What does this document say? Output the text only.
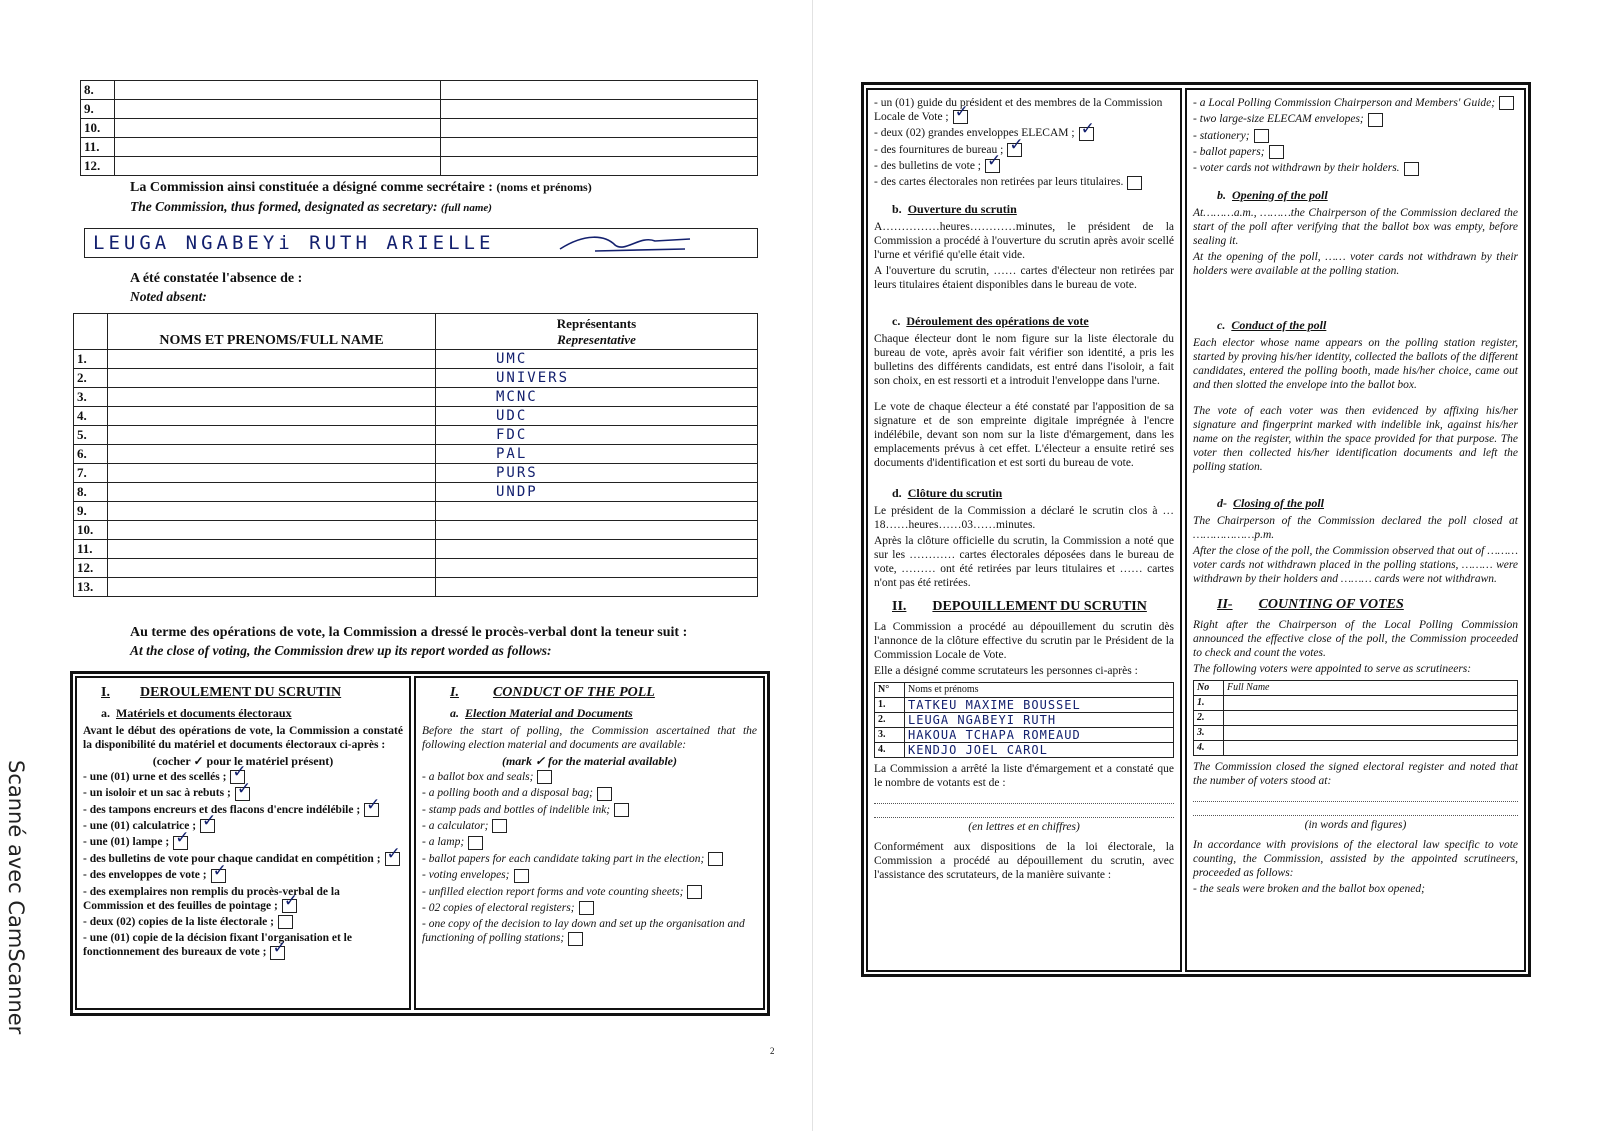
8.		
9.		
10.		
11.		
12.		
La Commission ainsi constituée a désigné comme secrétaire : (noms et prénoms)
The Commission, thus formed, designated as secretary: (full name)
LEUGA NGABEYi RUTH ARIELLE
A été constatée l'absence de :
Noted absent:
	NOMS ET PRENOMS/FULL NAME	Représentants
Representative

1.		UMC
2.		UNIVERS
3.		MCNC
4.		UDC
5.		FDC
6.		PAL
7.		PURS
8.		UNDP
9.		
10.		
11.		
12.		
13.		
Au terme des opérations de vote, la Commission a dressé le procès-verbal dont la teneur suit :
At the close of voting, the Commission drew up its report worded as follows:
I. DEROULEMENT DU SCRUTIN
a. Matériels et documents électoraux

Avant le début des opérations de vote, la Commission a constaté la disponibilité du matériel et documents électoraux ci-après :

(cocher ✓ pour le matériel présent)
- une (01) urne et des scellés ;✓
- un isoloir et un sac à rebuts ;✓
- des tampons encreurs et des flacons d'encre indélébile ;✓
- une (01) calculatrice ;✓
- une (01) lampe ;✓
- des bulletins de vote pour chaque candidat en compétition ;✓
- des enveloppes de vote ;✓
- des exemplaires non remplis du procès-verbal de la Commission et des feuilles de pointage ;✓
- deux (02) copies de la liste électorale ;
- une (01) copie de la décision fixant l'organisation et le fonctionnement des bureaux de vote ;✓
I. CONDUCT OF THE POLL
a. Election Material and Documents

Before the start of polling, the Commission ascertained that the following election material and documents are available:

(mark ✓ for the material available)
- a ballot box and seals;
- a polling booth and a disposal bag;
- stamp pads and bottles of indelible ink;
- a calculator;
- a lamp;
- ballot papers for each candidate taking part in the election;
- voting envelopes;
- unfilled election report forms and vote counting sheets;
- 02 copies of electoral registers;
- one copy of the decision to lay down and set up the organisation and functioning of polling stations;
2
- un (01) guide du président et des membres de la Commission Locale de Vote ;✓
- deux (02) grandes enveloppes ELECAM ;✓
- des fournitures de bureau ;✓
- des bulletins de vote ;✓
- des cartes électorales non retirées par leurs titulaires.
b. Ouverture du scrutin

A……………heures…………minutes, le président de la Commission a procédé à l'ouverture du scrutin après avoir scellé l'urne et vérifié qu'elle était vide.

A l'ouverture du scrutin, …… cartes d'électeur non retirées par leurs titulaires étaient disponibles dans le bureau de vote.

c. Déroulement des opérations de vote

Chaque électeur dont le nom figure sur la liste électorale du bureau de vote, après avoir fait vérifier son identité, a pris les bulletins des différents candidats, est entré dans l'isoloir, a fait son choix, en est ressorti et a introduit l'enveloppe dans l'urne.

Le vote de chaque électeur a été constaté par l'apposition de sa signature et de son empreinte digitale imprégnée à l'encre indélébile, devant son nom sur la liste d'émargement, dans les emplacements prévus à cet effet. L'électeur a ensuite retiré ses documents d'identification et est sorti du bureau de vote.

d. Clôture du scrutin

Le président de la Commission a déclaré le scrutin clos à …18……heures……03……minutes.

Après la clôture officielle du scrutin, la Commission a noté que sur les ………… cartes électorales déposées dans le bureau de vote, ……… ont été retirées par leurs titulaires et …… cartes n'ont pas été retirées.

II. DEPOUILLEMENT DU SCRUTIN

La Commission a procédé au dépouillement du scrutin dès l'annonce de la clôture effective du scrutin par le Président de la Commission Locale de Vote.

Elle a désigné comme scrutateurs les personnes ci-après :

N°	Noms et prénoms
1.	TATKEU MAXIME BOUSSEL
2.	LEUGA NGABEYI RUTH
3.	HAKOUA TCHAPA ROMEAUD
4.	KENDJO JOEL CAROL

La Commission a arrêté la liste d'émargement et a constaté que le nombre de votants est de :

(en lettres et en chiffres)

Conformément aux dispositions de la loi électorale, la Commission a procédé au dépouillement du scrutin, avec l'assistance des scrutateurs, de la manière suivante :

- a Local Polling Commission Chairperson and Members' Guide;
- two large-size ELECAM envelopes;
- stationery;
- ballot papers;
- voter cards not withdrawn by their holders.
b. Opening of the poll

At………a.m., ………the Chairperson of the Commission declared the start of the poll after verifying that the ballot box was empty, before sealing it.

At the opening of the poll, …… voter cards not withdrawn by their holders were available at the polling station.

c. Conduct of the poll

Each elector whose name appears on the polling station register, started by proving his/her identity, collected the ballots of the different candidates, entered the polling booth, made his/her choice, came out and then slotted the envelope into the ballot box.

The vote of each voter was then evidenced by affixing his/her signature and fingerprint marked with indelible ink, against his/her name on the register, within the space provided for that purpose. The voter then collected his/her identification documents and left the polling station.

d- Closing of the poll

The Chairperson of the Commission declared the poll closed at ………………p.m.

After the close of the poll, the Commission observed that out of ……… voter cards not withdrawn placed in the polling stations, ……… were withdrawn by their holders and ……… cards were not withdrawn.

II- COUNTING OF VOTES

Right after the Chairperson of the Local Polling Commission announced the effective close of the poll, the Commission proceeded to check and count the votes.

The following voters were appointed to serve as scrutineers:

No	Full Name
1.	
2.	
3.	
4.	

The Commission closed the signed electoral register and noted that the number of voters stood at:

(in words and figures)

In accordance with provisions of the electoral law specific to vote counting, the Commission, assisted by the appointed scrutineers, proceeded as follows:

- the seals were broken and the ballot box opened;

Scanné avec CamScanner
